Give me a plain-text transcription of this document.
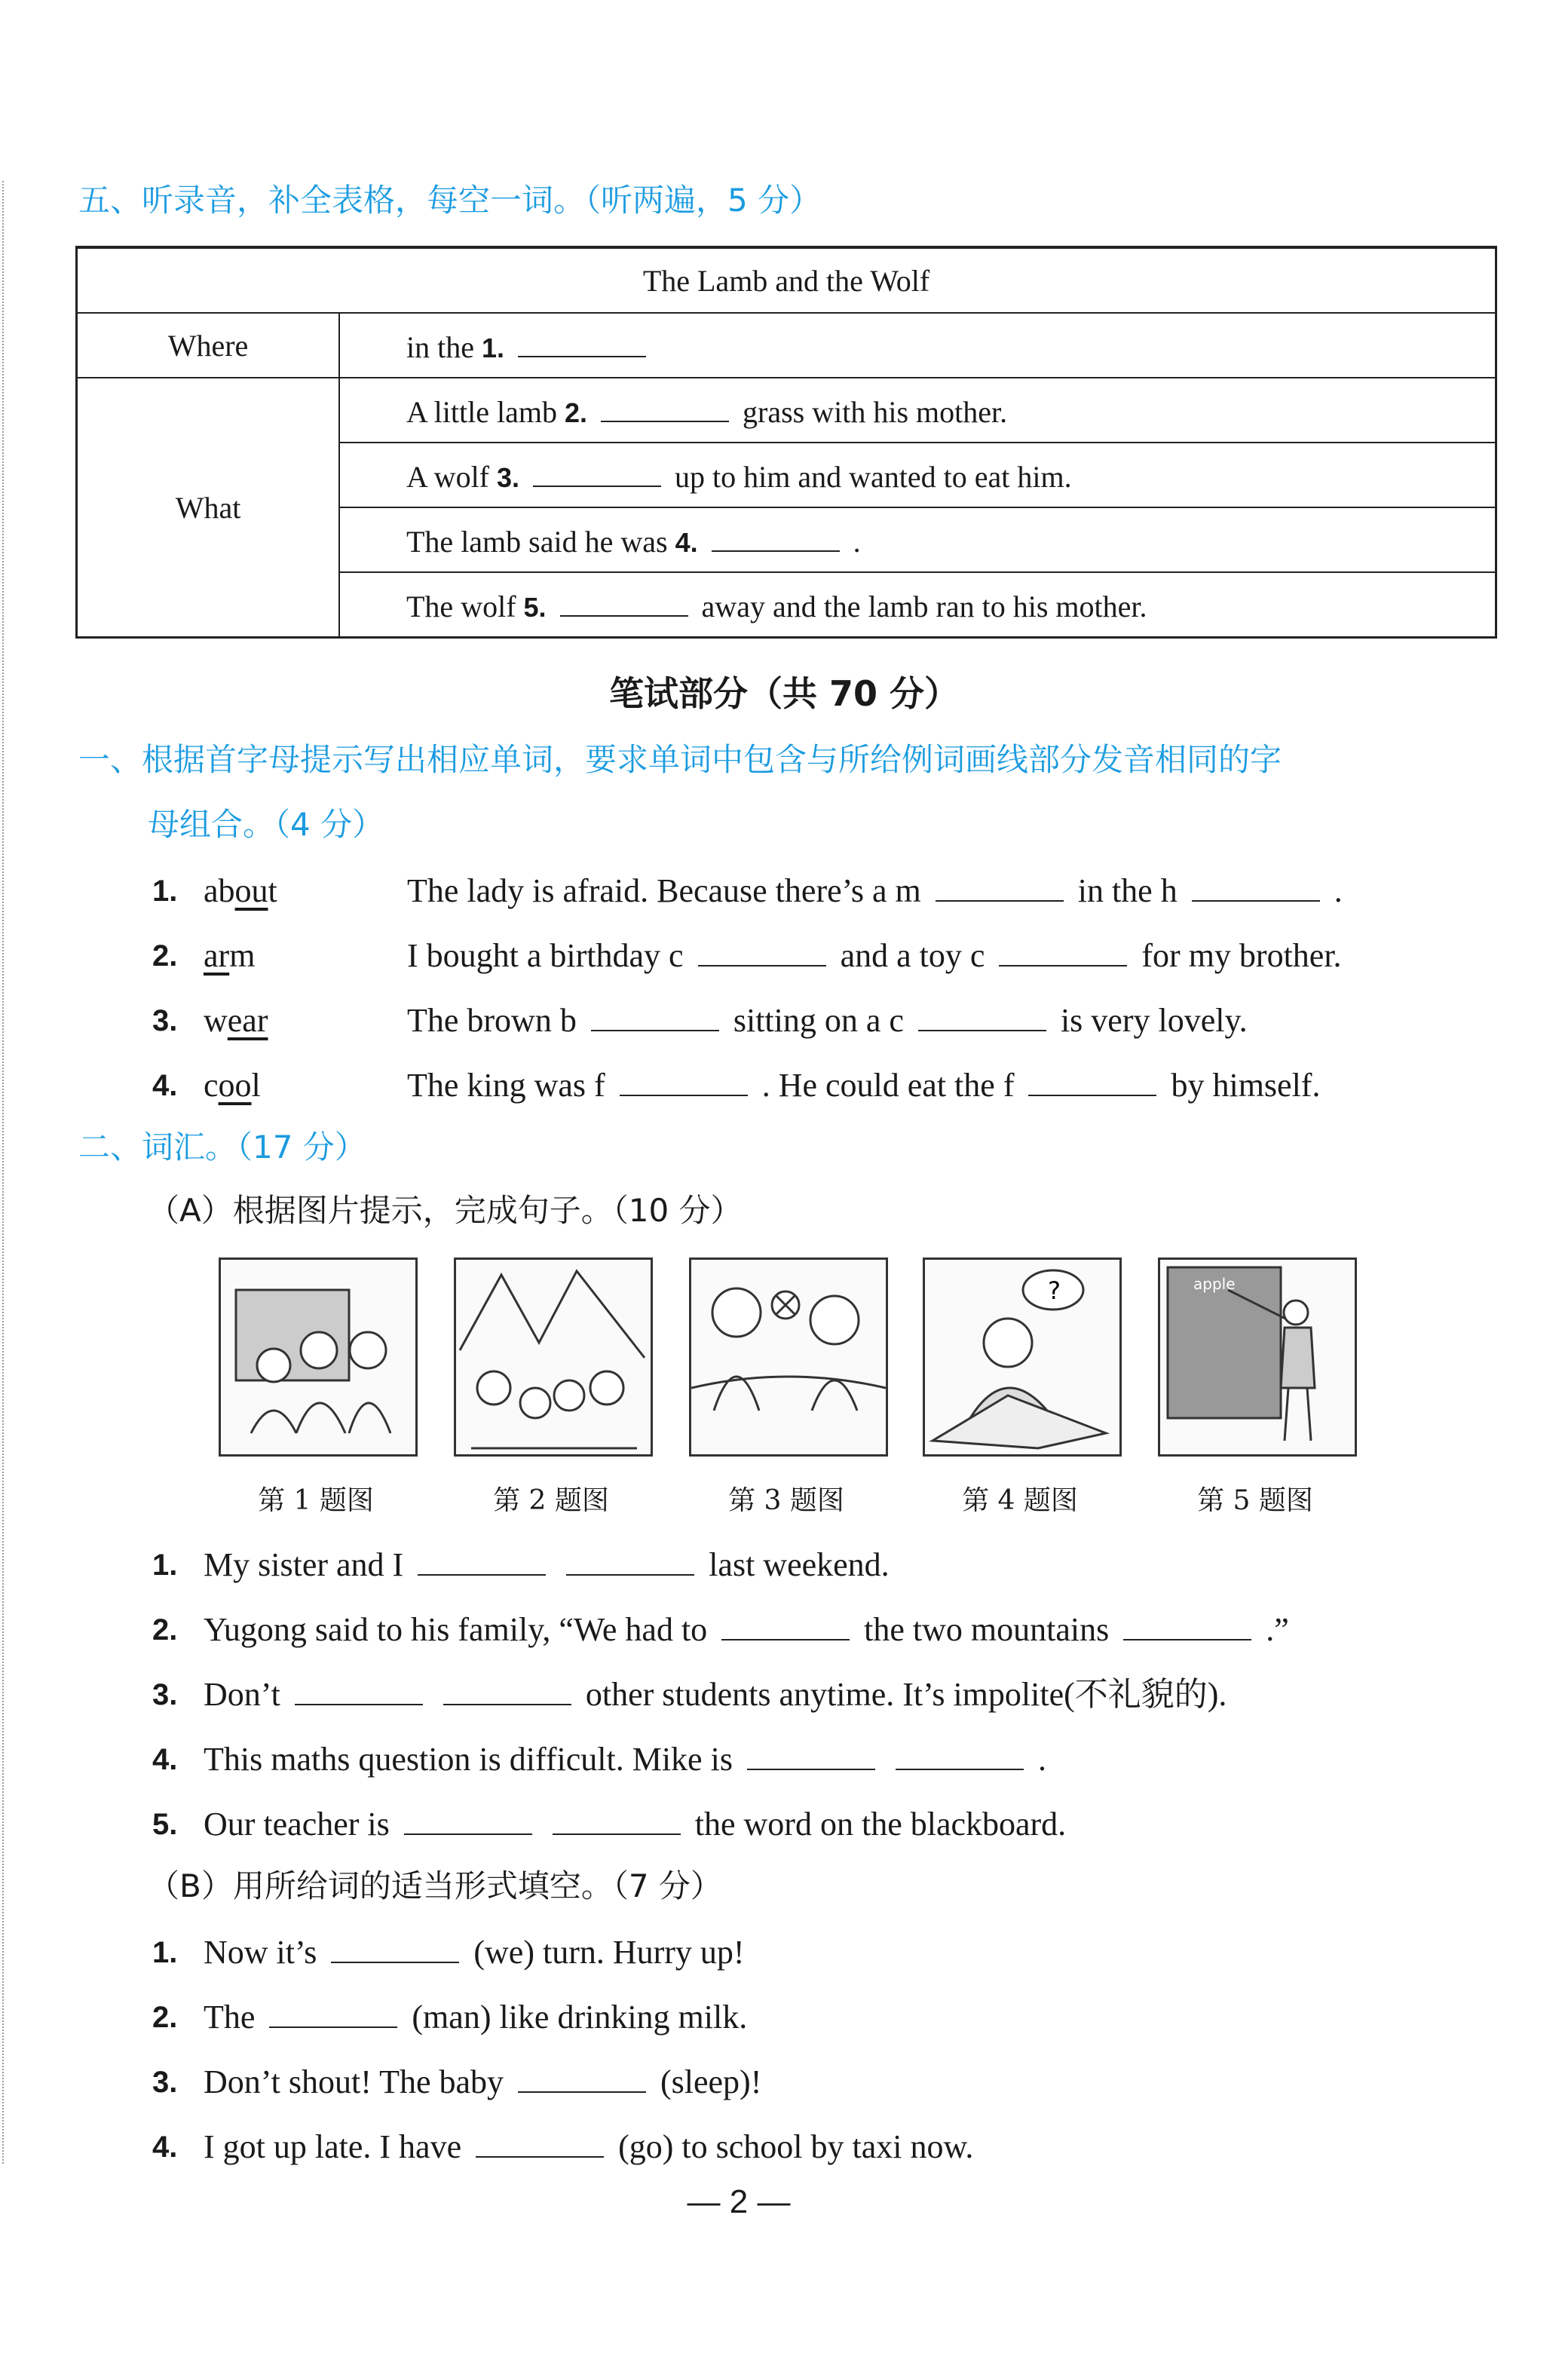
五、听录音，补全表格，每空一词。（听两遍，5 分）
The Lamb and the Wolf	
Where	in the 1.
What	A little lamb 2. grass with his mother.
	A wolf 3. up to him and wanted to eat him.
	The lamb said he was 4. .
	The wolf 5. away and the lamb ran to his mother.
笔试部分（共 70 分）
一、根据首字母提示写出相应单词，要求单词中包含与所给例词画线部分发音相同的字
母组合。（4 分）
1. about	The lady is afraid. Because there’s a m	in the h	.
2. arm	I bought a birthday c	and a toy c	for my brother.
3. wear	The brown b	sitting on a c	is very lovely.
4. cool	The king was f	. He could eat the f	by himself.
二、词汇。（17 分）
（A）根据图片提示，完成句子。（10 分）
?	apple
第 1 题图	第 2 题图	第 3 题图	第 4 题图	第 5 题图
1. My sister and I	last weekend.
2. Yugong said to his family, “We had to	the two mountains	.”
3. Don’t	other students anytime. It’s impolite(不礼貌的).
4. This maths question is difficult. Mike is	.
5. Our teacher is	the word on the blackboard.
（B）用所给词的适当形式填空。（7 分）
1. Now it’s	(we) turn. Hurry up!
2. The	(man) like drinking milk.
3. Don’t shout! The baby	(sleep)!
4. I got up late. I have	(go) to school by taxi now.
— 2 —
